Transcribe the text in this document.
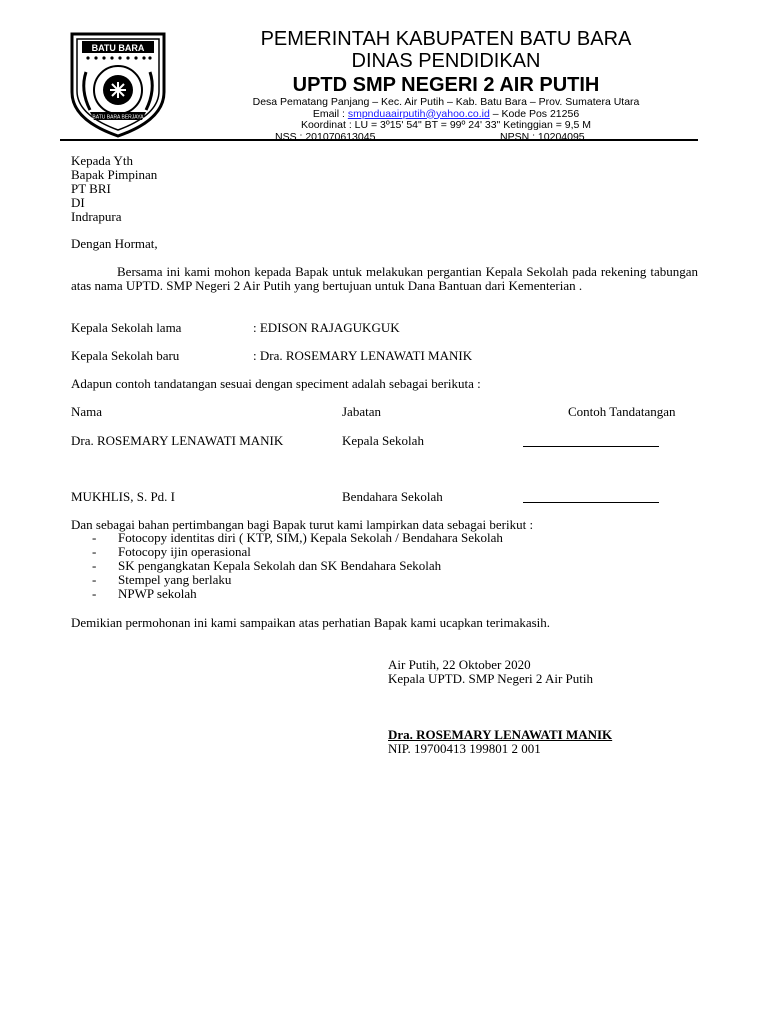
BATU BARA
BATU BARA BERJAYA
PEMERINTAH KABUPATEN BATU BARA
DINAS PENDIDIKAN
UPTD SMP NEGERI 2 AIR PUTIH
Desa Pematang Panjang – Kec. Air Putih – Kab. Batu Bara – Prov. Sumatera Utara
Email : smpnduaairputih@yahoo.co.id – Kode Pos 21256
Koordinat : LU = 3º15' 54" BT = 99º 24' 33" Ketinggian = 9,5 M
NSS : 201070613045	NPSN : 10204095
Kepada Yth
Bapak Pimpinan
PT BRI
DI
Indrapura
Dengan Hormat,
Bersama ini kami mohon kepada Bapak untuk melakukan pergantian Kepala Sekolah pada rekening tabungan atas nama UPTD. SMP Negeri 2 Air Putih yang bertujuan untuk Dana Bantuan dari Kementerian .
Kepala Sekolah lama	: EDISON RAJAGUKGUK
Kepala Sekolah baru	: Dra. ROSEMARY LENAWATI MANIK
Adapun contoh tandatangan sesuai dengan speciment adalah sebagai berikuta :
Nama	Jabatan	Contoh Tandatangan
Dra. ROSEMARY LENAWATI MANIK	Kepala Sekolah
MUKHLIS, S. Pd. I	Bendahara Sekolah
Dan sebagai bahan pertimbangan bagi Bapak turut kami lampirkan data sebagai berikut :
- Fotocopy identitas diri ( KTP, SIM,) Kepala Sekolah / Bendahara Sekolah
- Fotocopy ijin operasional
- SK pengangkatan Kepala Sekolah dan SK Bendahara Sekolah
- Stempel yang berlaku
- NPWP sekolah
Demikian permohonan ini kami sampaikan atas perhatian Bapak kami ucapkan terimakasih.
Air Putih, 22 Oktober 2020
Kepala UPTD. SMP Negeri 2 Air Putih
Dra. ROSEMARY LENAWATI MANIK
NIP. 19700413 199801 2 001
